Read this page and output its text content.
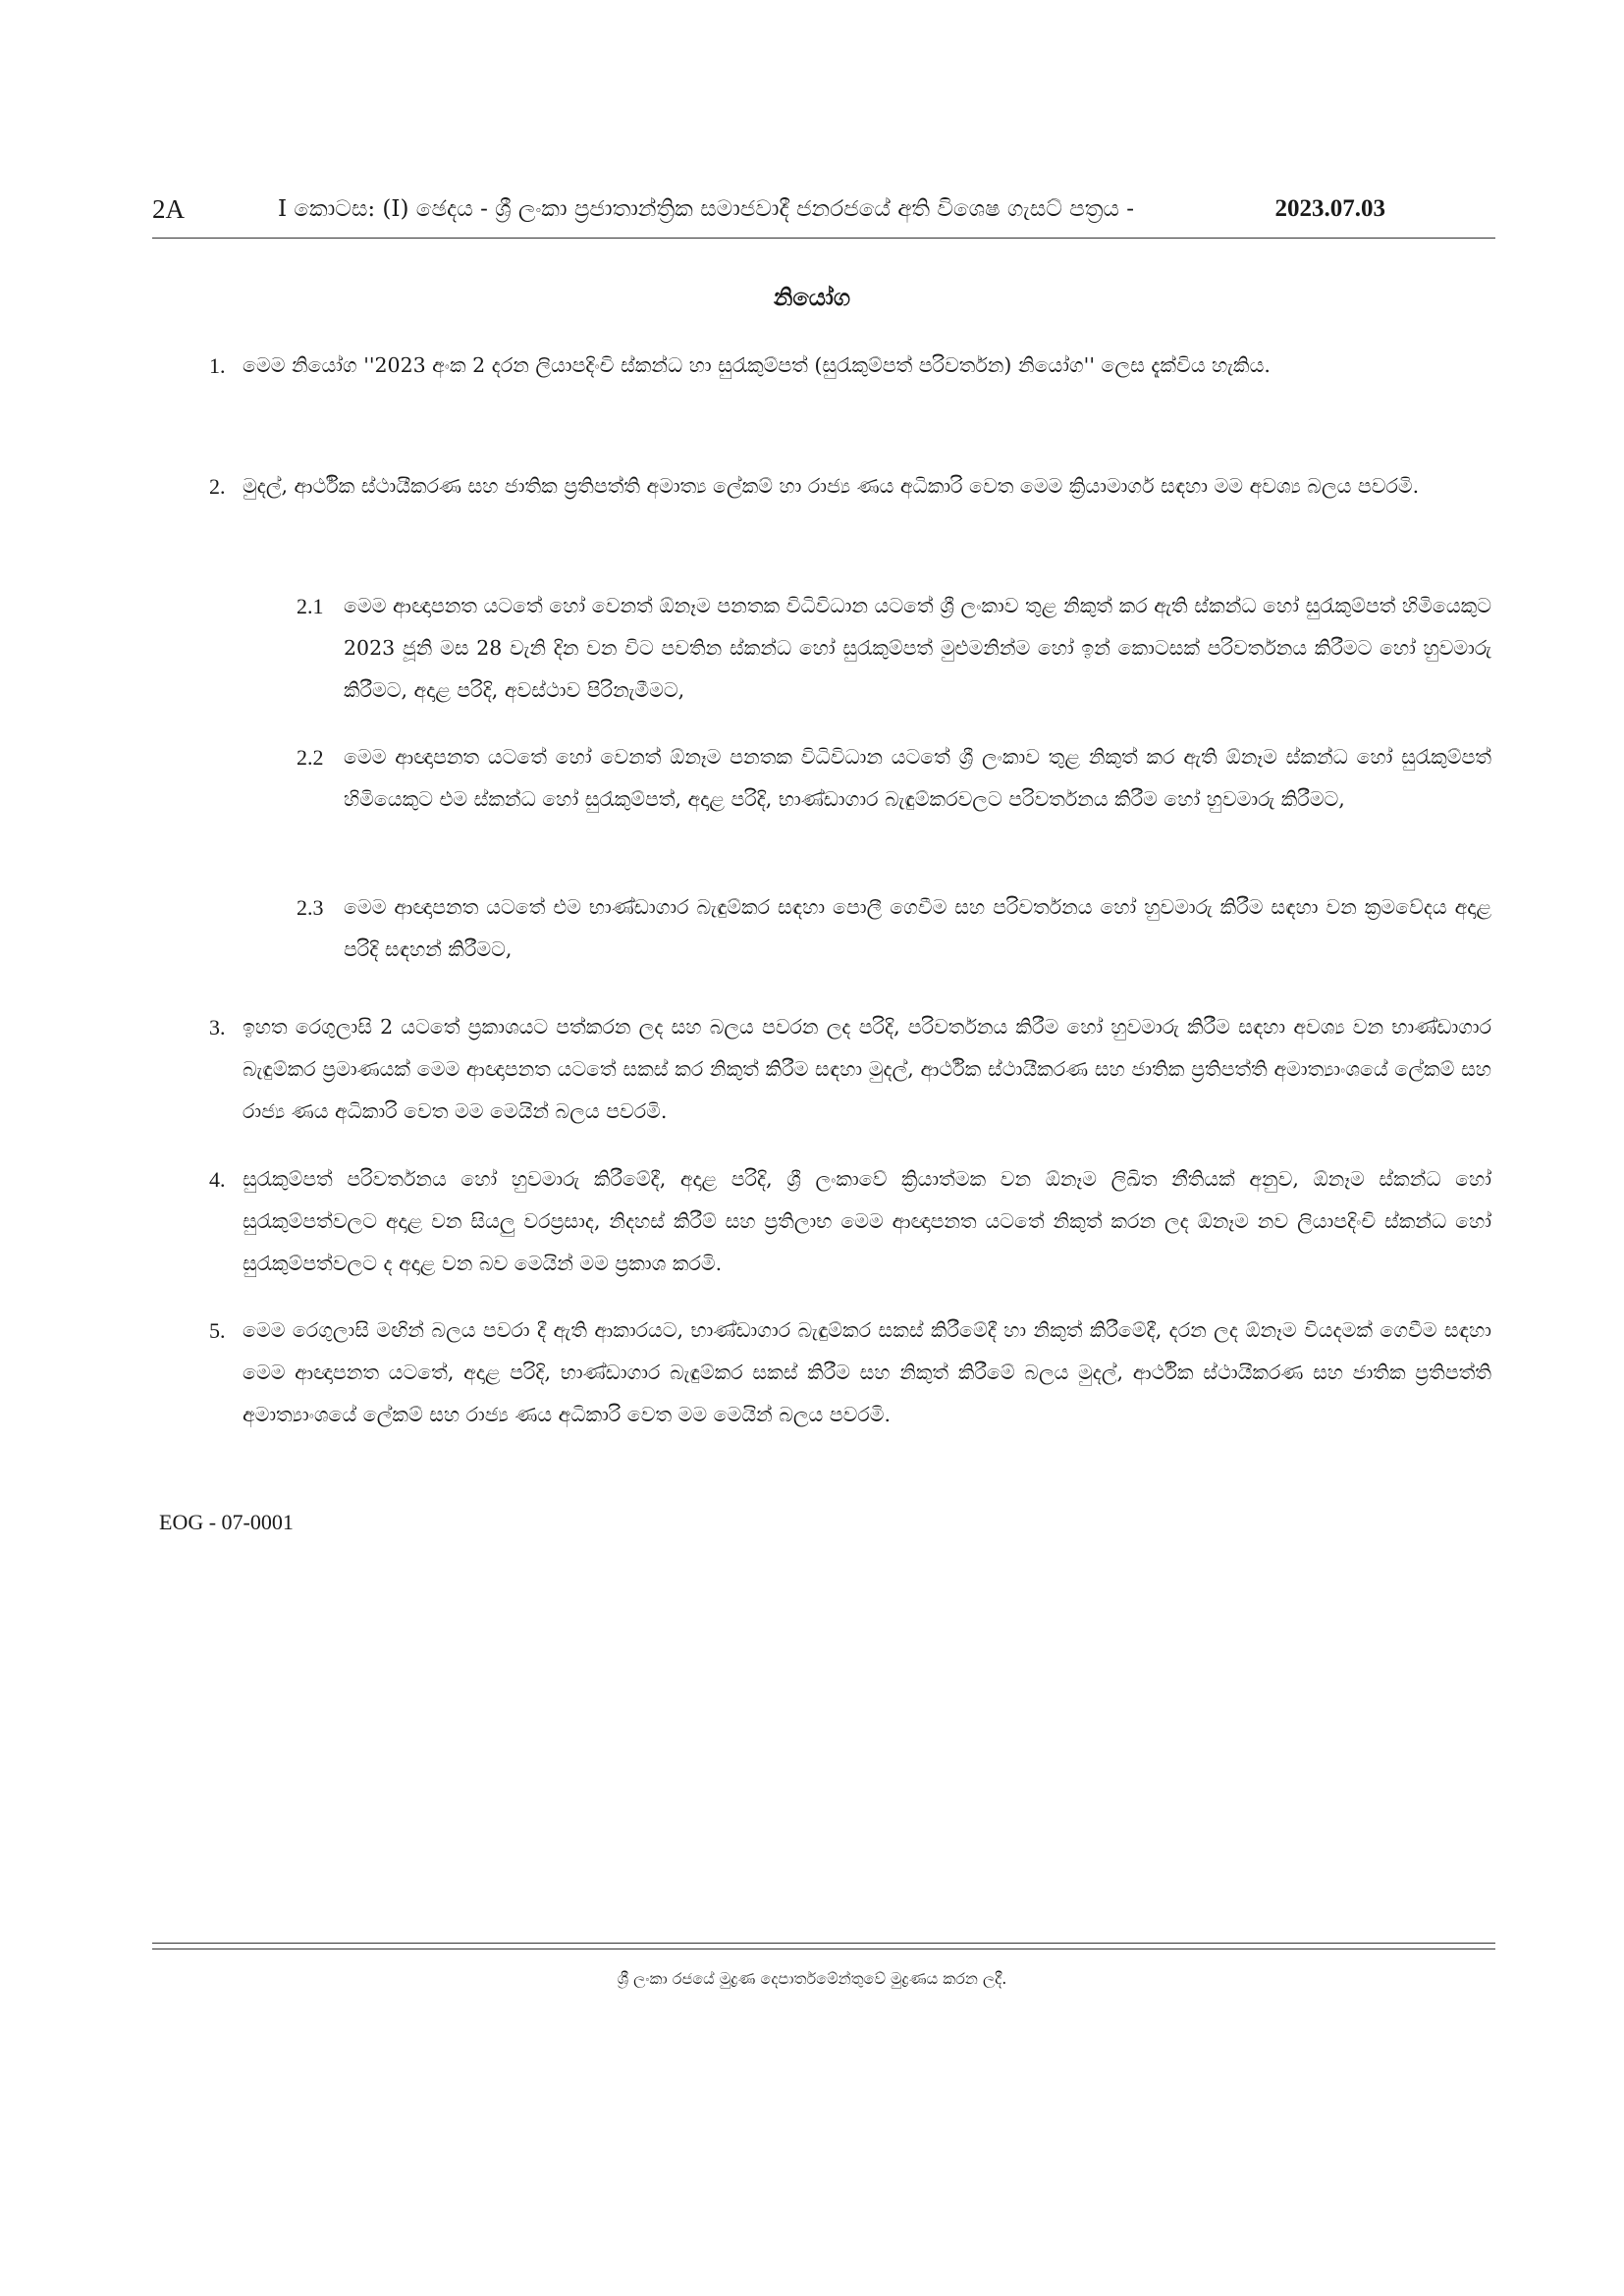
2A	I කොටස: (I) ඡෙදය - ශ්‍රී ලංකා ප්‍රජාතාන්ත්‍රික සමාජවාදී ජනරජයේ අති විශෙෂ ගැසට් පත්‍රය -	2023.07.03
නියෝග
1. මෙම නියෝග ''2023 අංක 2 දරන ලියාපදිංචි ස්කන්ධ හා සුරැකුම්පත් (සුරැකුම්පත් පරිවර්තන) නියෝග'' ලෙස දැක්විය හැකිය.
2. මුදල්, ආර්ථික ස්ථායීකරණ සහ ජාතික ප්‍රතිපත්ති අමාත්‍ය ලේකම් හා රාජ්‍ය ණය අධිකාරි වෙත මෙම ක්‍රියාමාර්ග සඳහා මම අවශ්‍ය බලය පවරමි.
2.1 මෙම ආඥාපනත යටතේ හෝ වෙනත් ඕනෑම පනතක විධිවිධාන යටතේ ශ්‍රී ලංකාව තුළ නිකුත් කර ඇති ස්කන්ධ හෝ සුරැකුම්පත් හිමියෙකුට 2023 ජූනි මස 28 වැනි දින වන විට පවතින ස්කන්ධ හෝ සුරැකුම්පත් මුළුමනින්ම හෝ ඉන් කොටසක් පරිවර්තනය කිරීමට හෝ හුවමාරු කිරීමට, අදාළ පරිදි, අවස්ථාව පිරිනැමීමට,
2.2 මෙම ආඥාපනත යටතේ හෝ වෙනත් ඕනෑම පනතක විධිවිධාන යටතේ ශ්‍රී ලංකාව තුළ නිකුත් කර ඇති ඕනෑම ස්කන්ධ හෝ සුරැකුම්පත් හිමියෙකුට එම ස්කන්ධ හෝ සුරැකුම්පත්, අදාළ පරිදි, භාණ්ඩාගාර බැඳුම්කරවලට පරිවර්තනය කිරීම හෝ හුවමාරු කිරීමට,
2.3 මෙම ආඥාපනත යටතේ එම භාණ්ඩාගාර බැඳුම්කර සඳහා පොලී ගෙවීම සහ පරිවර්තනය හෝ හුවමාරු කිරීම සඳහා වන ක්‍රමවේදය අදාළ පරිදි සඳහන් කිරීමට,
3. ඉහත රෙගුලාසි 2 යටතේ ප්‍රකාශයට පත්කරන ලද සහ බලය පවරන ලද පරිදි, පරිවර්තනය කිරීම හෝ හුවමාරු කිරීම සඳහා අවශ්‍ය වන භාණ්ඩාගාර බැඳුම්කර ප්‍රමාණයක් මෙම ආඥාපනත යටතේ සකස් කර නිකුත් කිරීම සඳහා මුදල්, ආර්ථික ස්ථායීකරණ සහ ජාතික ප්‍රතිපත්ති අමාත්‍යාංශයේ ලේකම් සහ රාජ්‍ය ණය අධිකාරි වෙත මම මෙයින් බලය පවරමි.
4. සුරැකුම්පත් පරිවර්තනය හෝ හුවමාරු කිරීමේදී, අදාළ පරිදි, ශ්‍රී ලංකාවේ ක්‍රියාත්මක වන ඕනෑම ලිඛිත නීතියක් අනුව, ඕනෑම ස්කන්ධ හෝ සුරැකුම්පත්වලට අදාළ වන සියලු වරප්‍රසාද, නිදහස් කිරීම් සහ ප්‍රතිලාභ මෙම ආඥාපනත යටතේ නිකුත් කරන ලද ඕනෑම නව ලියාපදිංචි ස්කන්ධ හෝ සුරැකුම්පත්වලට ද අදාළ වන බව මෙයින් මම ප්‍රකාශ කරමි.
5. මෙම රෙගුලාසි මඟින් බලය පවරා දී ඇති ආකාරයට, භාණ්ඩාගාර බැඳුම්කර සකස් කිරීමේදී හා නිකුත් කිරීමේදී, දරන ලද ඕනෑම වියදමක් ගෙවීම සඳහා මෙම ආඥාපනත යටතේ, අදාළ පරිදි, භාණ්ඩාගාර බැඳුම්කර සකස් කිරීම සහ නිකුත් කිරීමේ බලය මුදල්, ආර්ථික ස්ථායීකරණ සහ ජාතික ප්‍රතිපත්ති අමාත්‍යාංශයේ ලේකම් සහ රාජ්‍ය ණය අධිකාරි වෙත මම මෙයින් බලය පවරමි.
EOG - 07-0001
ශ්‍රී ලංකා රජයේ මුද්‍රණ දෙපාර්තමේන්තුවේ මුද්‍රණය කරන ලදී.
